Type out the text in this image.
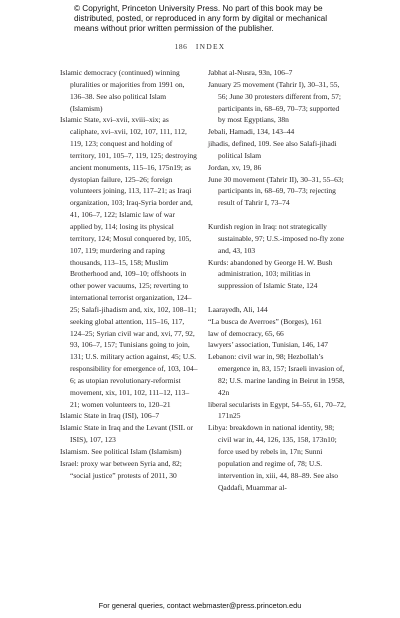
© Copyright, Princeton University Press. No part of this book may be
distributed, posted, or reproduced in any form by digital or mechanical
means without prior written permission of the publisher.
186 INDEX
Islamic democracy (continued) winning pluralities or majorities from 1991 on, 136–38. See also political Islam (Islamism)
Islamic State, xvi–xvii, xviii–xix; as caliphate, xvi–xvii, 102, 107, 111, 112, 119, 123; conquest and holding of territory, 101, 105–7, 119, 125; destroying ancient monuments, 115–16, 175n19; as dystopian failure, 125–26; foreign volunteers joining, 113, 117–21; as Iraqi organization, 103; Iraq-Syria border and, 41, 106–7, 122; Islamic law of war applied by, 114; losing its physical territory, 124; Mosul conquered by, 105, 107, 119; murdering and raping thousands, 113–15, 158; Muslim Brotherhood and, 109–10; offshoots in other power vacuums, 125; reverting to international terrorist organization, 124–25; Salafi-jihadism and, xix, 102, 108–11; seeking global attention, 115–16, 117, 124–25; Syrian civil war and, xvi, 77, 92, 93, 106–7, 157; Tunisians going to join, 131; U.S. military action against, 45; U.S. responsibility for emergence of, 103, 104–6; as utopian revolutionary-reformist movement, xix, 101, 102, 111–12, 113–21; women volunteers to, 120–21
Islamic State in Iraq (ISI), 106–7
Islamic State in Iraq and the Levant (ISIL or ISIS), 107, 123
Islamism. See political Islam (Islamism)
Israel: proxy war between Syria and, 82; “social justice” protests of 2011, 30
Jabhat al-Nusra, 93n, 106–7
January 25 movement (Tahrir I), 30–31, 55, 56; June 30 protesters different from, 57; participants in, 68–69, 70–73; supported by most Egyptians, 38n
Jebali, Hamadi, 134, 143–44
jihadis, defined, 109. See also Salafi-jihadi political Islam
Jordan, xv, 19, 86
June 30 movement (Tahrir II), 30–31, 55–63; participants in, 68–69, 70–73; rejecting result of Tahrir I, 73–74
Kurdish region in Iraq: not strategically sustainable, 97; U.S.-imposed no-fly zone and, 43, 103
Kurds: abandoned by George H. W. Bush administration, 103; militias in suppression of Islamic State, 124
Laarayedh, Ali, 144
“La busca de Averroes” (Borges), 161
law of democracy, 65, 66
lawyers’ association, Tunisian, 146, 147
Lebanon: civil war in, 98; Hezbollah’s emergence in, 83, 157; Israeli invasion of, 82; U.S. marine landing in Beirut in 1958, 42n
liberal secularists in Egypt, 54–55, 61, 70–72, 171n25
Libya: breakdown in national identity, 98; civil war in, 44, 126, 135, 158, 173n10; force used by rebels in, 17n; Sunni population and regime of, 78; U.S. intervention in, xiii, 44, 88–89. See also Qaddafi, Muammar al-
For general queries, contact webmaster@press.princeton.edu
